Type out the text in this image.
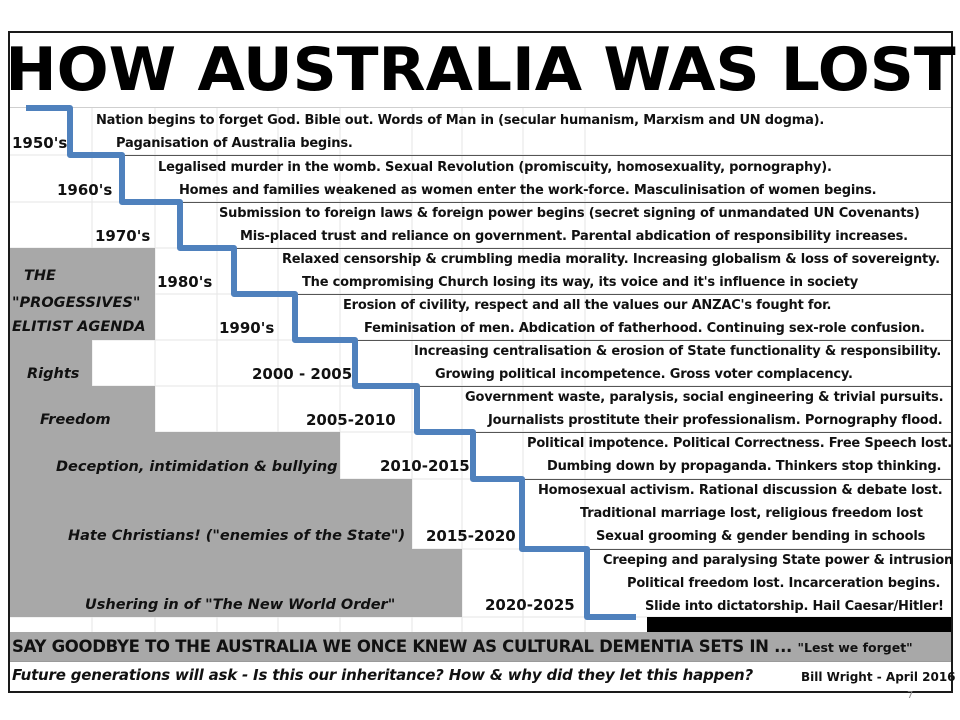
HOW AUSTRALIA WAS LOST
1950's
1960's
1970's
1980's
1990's
2000 - 2005
2005-2010
2010-2015
2015-2020
2020-2025
Nation begins to forget God. Bible out. Words of Man in (secular humanism, Marxism and UN dogma).
Paganisation of Australia begins.
Legalised murder in the womb. Sexual Revolution (promiscuity, homosexuality, pornography).
Homes and families weakened as women enter the work-force. Masculinisation of women begins.
Submission to foreign laws & foreign power begins (secret signing of unmandated UN Covenants)
Mis-placed trust and reliance on government. Parental abdication of responsibility increases.
Relaxed censorship & crumbling media morality. Increasing globalism & loss of sovereignty.
The compromising Church losing its way, its voice and it's influence in society
Erosion of civility, respect and all the values our ANZAC's fought for.
Feminisation of men. Abdication of fatherhood. Continuing sex-role confusion.
Increasing centralisation & erosion of State functionality & responsibility.
Growing political incompetence. Gross voter complacency.
Government waste, paralysis, social engineering & trivial pursuits.
Journalists prostitute their professionalism. Pornography flood.
Political impotence. Political Correctness. Free Speech lost.
Dumbing down by propaganda. Thinkers stop thinking.
Homosexual activism. Rational discussion & debate lost.
Traditional marriage lost, religious freedom lost
Sexual grooming & gender bending in schools
Creeping and paralysing State power & intrusion
Political freedom lost. Incarceration begins.
Slide into dictatorship. Hail Caesar/Hitler!
THE
"PROGESSIVES"
ELITIST AGENDA
Rights
Freedom
Deception, intimidation & bullying
Hate Christians! ("enemies of the State")
Ushering in of "The New World Order"
SAY GOODBYE TO THE AUSTRALIA WE ONCE KNEW AS CULTURAL DEMENTIA SETS IN ... "Lest we forget"
Future generations will ask - Is this our inheritance? How & why did they let this happen?	Bill Wright - April 2016
7
